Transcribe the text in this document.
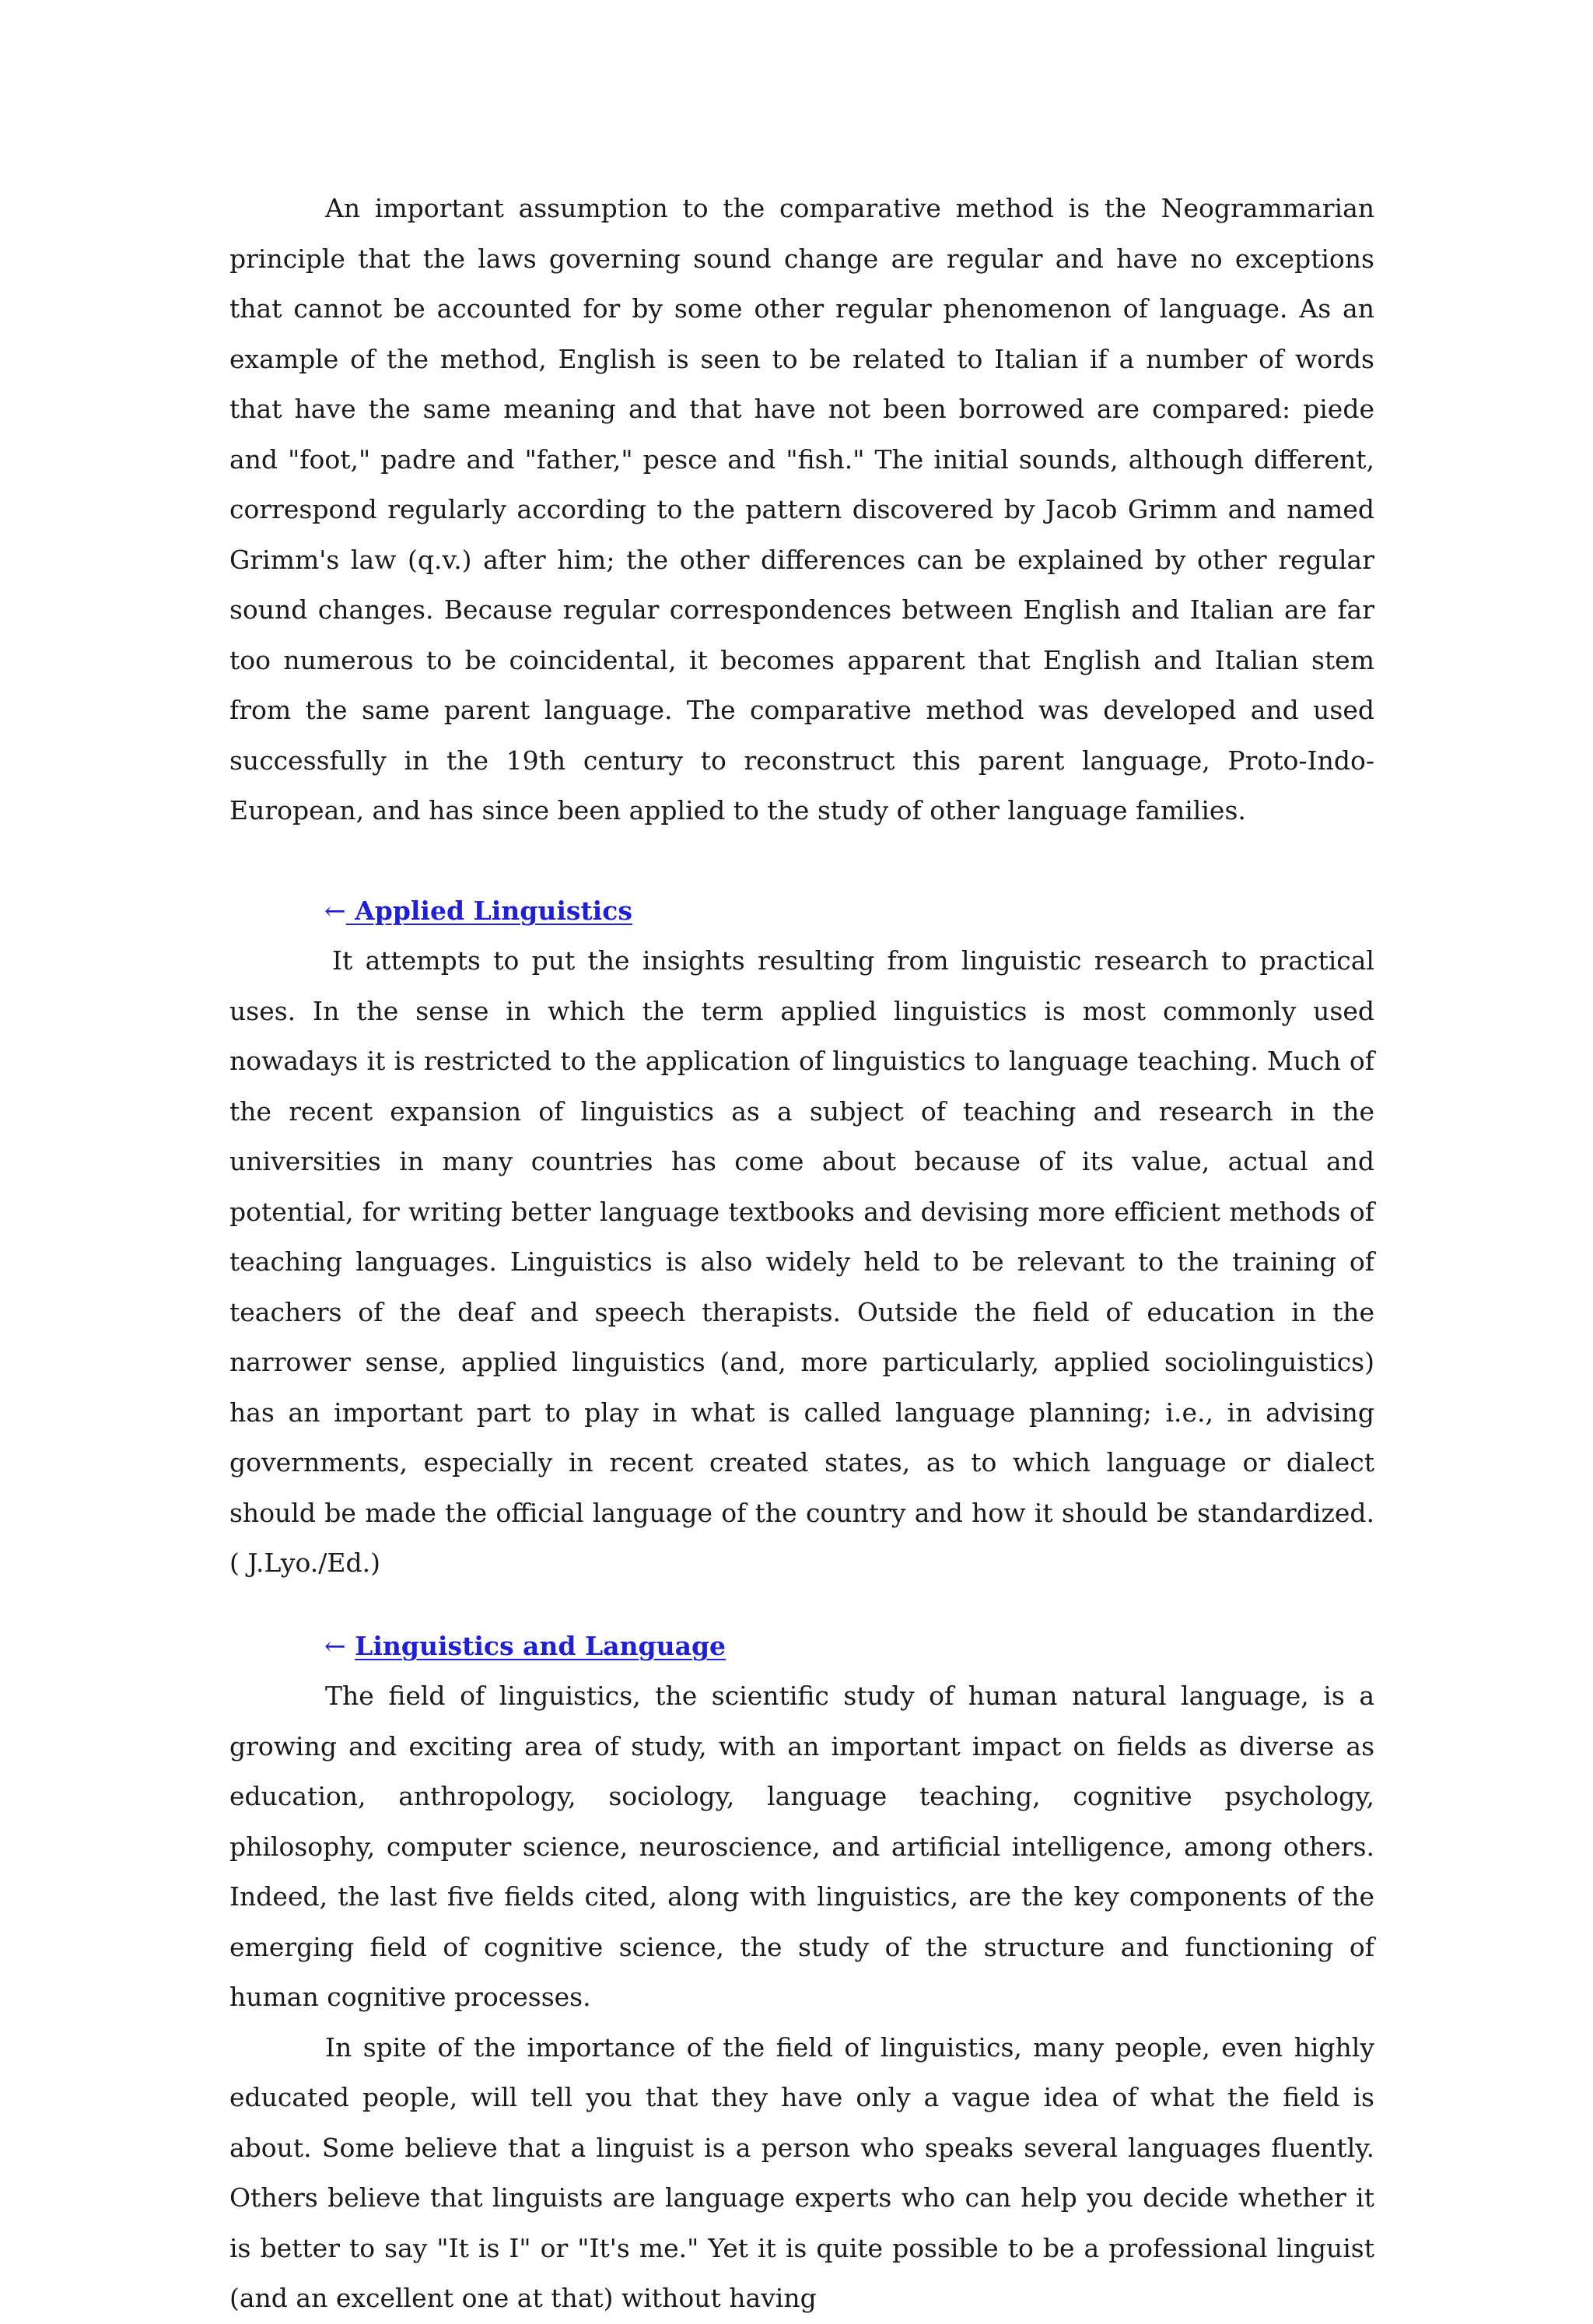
An important assumption to the comparative method is the Neogrammarian principle that the laws governing sound change are regular and have no exceptions that cannot be accounted for by some other regular phenomenon of language. As an example of the method, English is seen to be related to Italian if a number of words that have the same meaning and that have not been borrowed are compared: piede and "foot," padre and "father," pesce and "fish." The initial sounds, although different, correspond regularly according to the pattern discovered by Jacob Grimm and named Grimm's law (q.v.) after him; the other differences can be explained by other regular sound changes. Because regular correspondences between English and Italian are far too numerous to be coincidental, it becomes apparent that English and Italian stem from the same parent language. The comparative method was developed and used successfully in the 19th century to reconstruct this parent language, Proto-Indo-European, and has since been applied to the study of other language families.

← Applied Linguistics

It attempts to put the insights resulting from linguistic research to practical uses. In the sense in which the term applied linguistics is most commonly used nowadays it is restricted to the application of linguistics to language teaching. Much of the recent expansion of linguistics as a subject of teaching and research in the universities in many countries has come about because of its value, actual and potential, for writing better language textbooks and devising more efficient methods of teaching languages. Linguistics is also widely held to be relevant to the training of teachers of the deaf and speech therapists. Outside the field of education in the narrower sense, applied linguistics (and, more particularly, applied sociolinguistics) has an important part to play in what is called language planning; i.e., in advising governments, especially in recent created states, as to which language or dialect should be made the official language of the country and how it should be standardized. ( J.Lyo./Ed.)

← Linguistics and Language

The field of linguistics, the scientific study of human natural language, is a growing and exciting area of study, with an important impact on fields as diverse as education, anthropology, sociology, language teaching, cognitive psychology, philosophy, computer science, neuroscience, and artificial intelligence, among others. Indeed, the last five fields cited, along with linguistics, are the key components of the emerging field of cognitive science, the study of the structure and functioning of human cognitive processes.

In spite of the importance of the field of linguistics, many people, even highly educated people, will tell you that they have only a vague idea of what the field is about. Some believe that a linguist is a person who speaks several languages fluently. Others believe that linguists are language experts who can help you decide whether it is better to say "It is I" or "It's me." Yet it is quite possible to be a professional linguist (and an excellent one at that) without having
